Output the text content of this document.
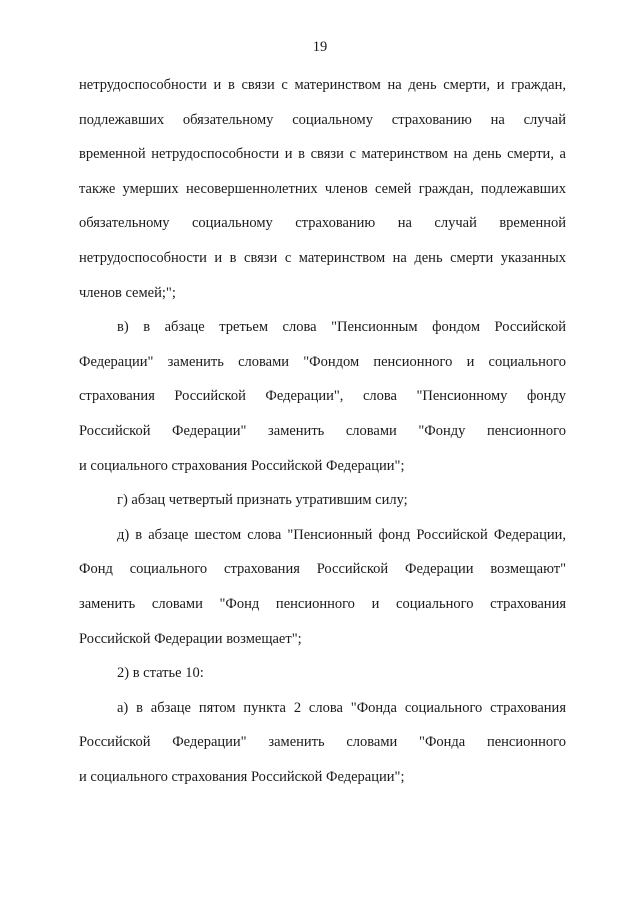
19
нетрудоспособности и в связи с материнством на день смерти, и граждан,
подлежавших обязательному социальному страхованию на случай
временной нетрудоспособности и в связи с материнством на день смерти, а
также умерших несовершеннолетних членов семей граждан, подлежавших
обязательному социальному страхованию на случай временной
нетрудоспособности и в связи с материнством на день смерти указанных
членов семей;";
в) в абзаце третьем слова "Пенсионным фондом Российской
Федерации" заменить словами "Фондом пенсионного и социального
страхования Российской Федерации", слова "Пенсионному фонду
Российской Федерации" заменить словами "Фонду пенсионного
и социального страхования Российской Федерации";
г) абзац четвертый признать утратившим силу;
д) в абзаце шестом слова "Пенсионный фонд Российской Федерации,
Фонд социального страхования Российской Федерации возмещают"
заменить словами "Фонд пенсионного и социального страхования
Российской Федерации возмещает";
2) в статье 10:
а) в абзаце пятом пункта 2 слова "Фонда социального страхования
Российской Федерации" заменить словами "Фонда пенсионного
и социального страхования Российской Федерации";
